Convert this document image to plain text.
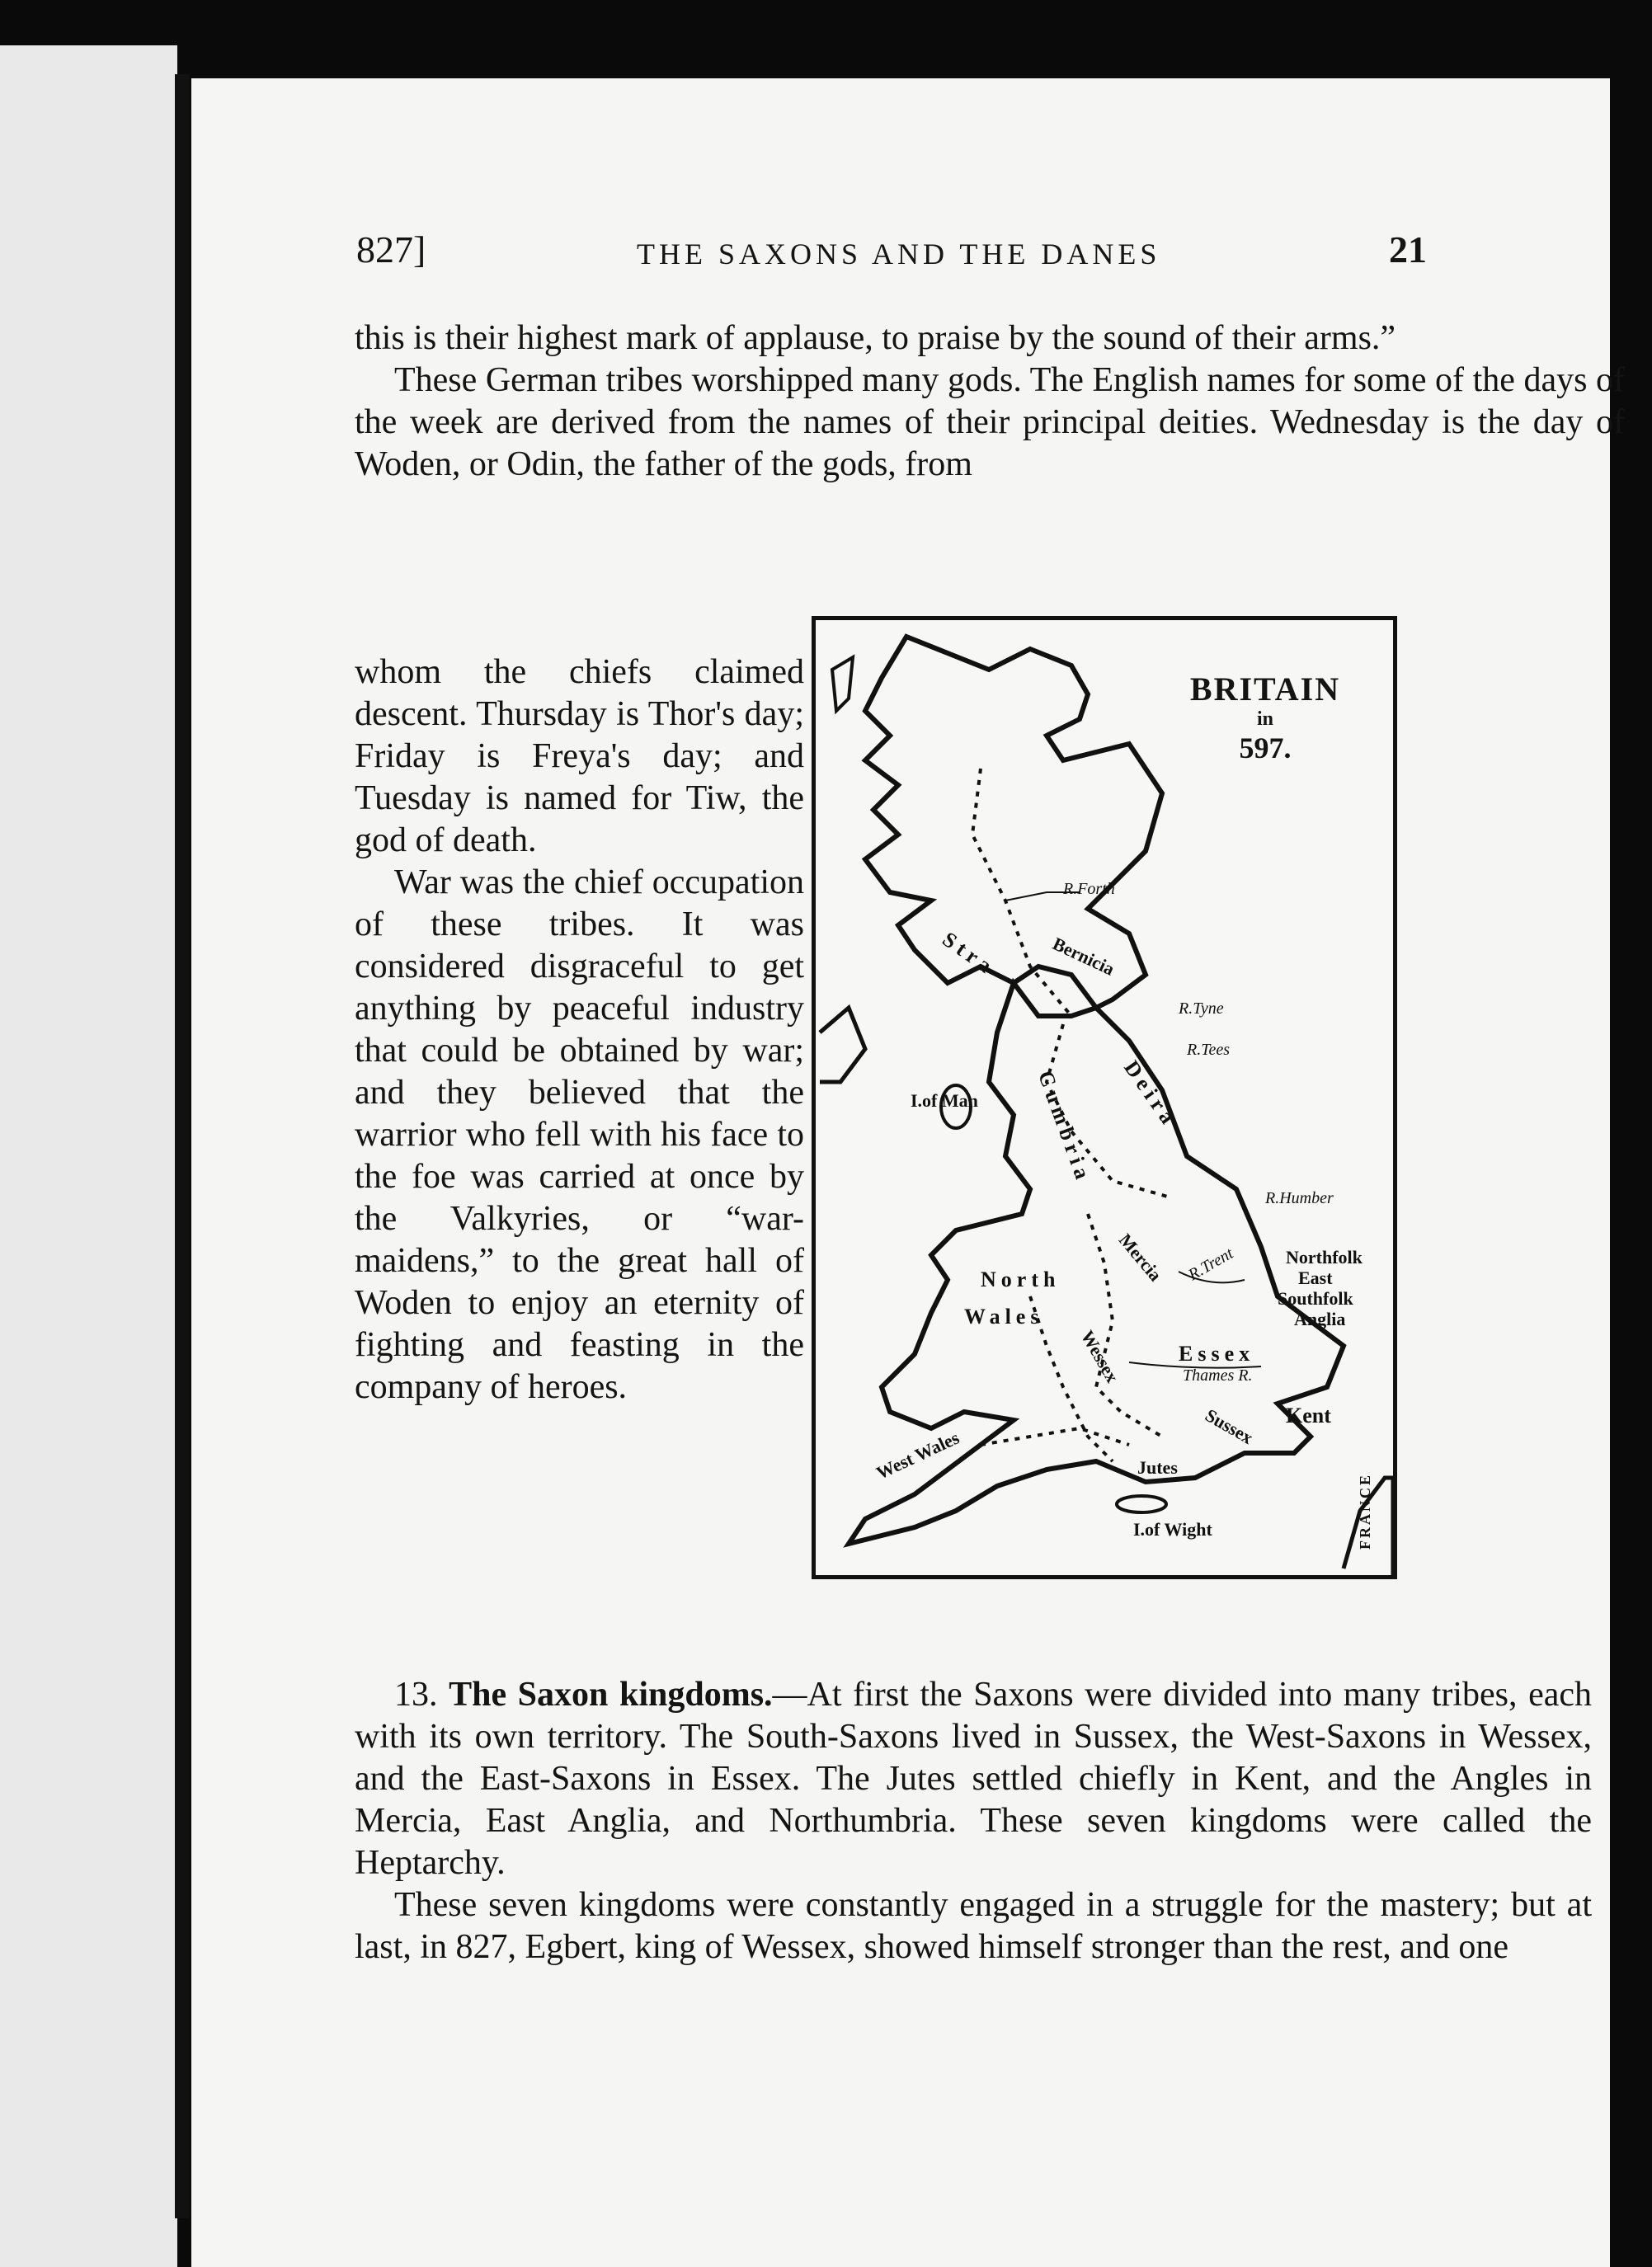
827]	THE SAXONS AND THE DANES	21

this is their highest mark of applause, to praise by the sound of their arms.”

These German tribes worshipped many gods. The English names for some of the days of the week are derived from the names of their principal deities. Wednesday is the day of Woden, or Odin, the father of the gods, from

whom the chiefs claimed descent. Thursday is Thor's day; Friday is Freya's day; and Tuesday is named for Tiw, the god of death.

War was the chief occupation of these tribes. It was considered disgraceful to get anything by peaceful industry that could be obtained by war; and they believed that the warrior who fell with his face to the foe was carried at once by the Valkyries, or “war-maidens,” to the great hall of Woden to enjoy an eternity of fighting and feasting in the company of heroes.

BRITAIN
in
597.
R.Forth
Bernicia
R.Tyne
R.Tees
Stra
Deira
I.of Man	Cumbria
R.Humber
Northfolk
East
Southfolk
Anglia
R.Trent
Mercia
North
Wales
Essex
Thames R.
Wessex
Kent
Sussex
West Wales	Jutes
I.of Wight	FRANCE

13. The Saxon kingdoms.—At first the Saxons were divided into many tribes, each with its own territory. The South-Saxons lived in Sussex, the West-Saxons in Wessex, and the East-Saxons in Essex. The Jutes settled chiefly in Kent, and the Angles in Mercia, East Anglia, and Northumbria. These seven kingdoms were called the Heptarchy.

These seven kingdoms were constantly engaged in a struggle for the mastery; but at last, in 827, Egbert, king of Wessex, showed himself stronger than the rest, and one
